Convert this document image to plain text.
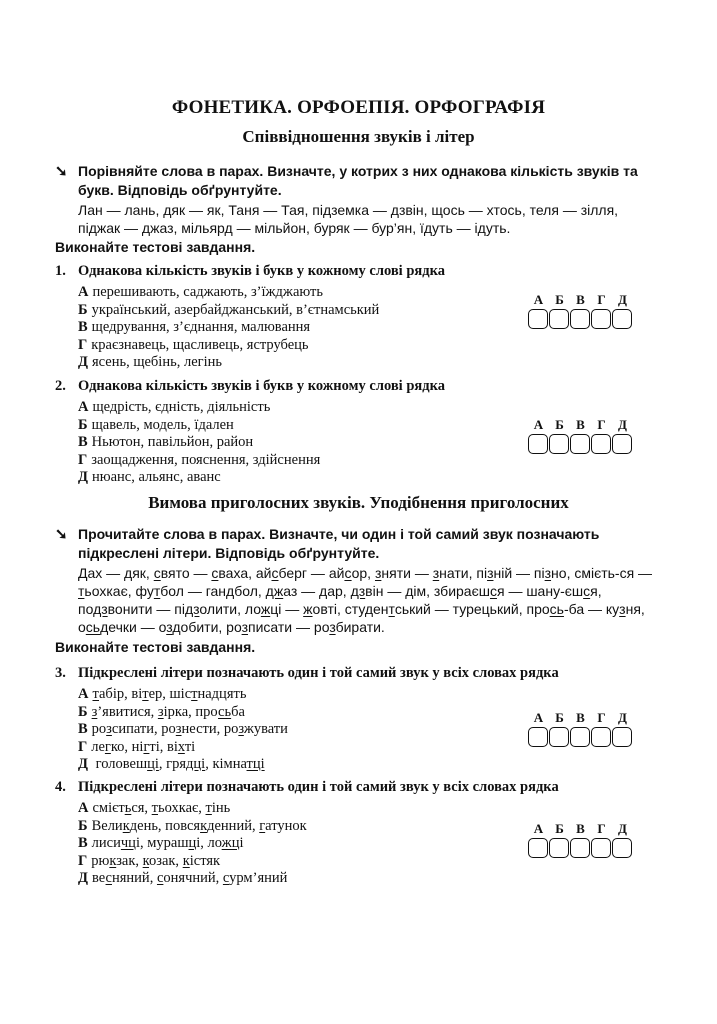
ФОНЕТИКА. ОРФОЕПІЯ. ОРФОГРАФІЯ
Співвідношення звуків і літер
➘ Порівняйте слова в парах. Визначте, у котрих з них однакова кількість звуків та букв. Відповідь обґрунтуйте.
Лан — лань, дяк — як, Таня — Тая, підземка — дзвін, щось — хтось, теля — зілля, піджак — джаз, мільярд — мільйон, буряк — бур’ян, їдуть — ідуть.
Виконайте тестові завдання.
1. Однакова кількість звуків і букв у кожному слові рядка
А перешивають, саджають, з’їжджають
Б український, азербайджанський, в’єтнамський
В щедрування, з’єднання, малювання
Г краєзнавець, щасливець, яструбець
Д ясень, щебінь, легінь
А Б В Г Д
2. Однакова кількість звуків і букв у кожному слові рядка
А щедрість, єдність, діяльність
Б щавель, модель, їдален
В Ньютон, павільйон, район
Г заощадження, пояснення, здійснення
Д нюанс, альянс, аванс
А Б В Г Д
Вимова приголосних звуків. Уподібнення приголосних
➘ Прочитайте слова в парах. Визначте, чи один і той самий звук позначають підкреслені літери. Відповідь обґрунтуйте.
Дах — дяк, свято — сваха, айсберг — айсор, зняти — знати, пізній — пізно, смієть-ся — тьохкає, футбол — гандбол, джаз — дар, дзвін — дім, збираєшся — шану-єшся, подзвонити — підзолити, ложці — жовті, студентський — турецький, прось-ба — кузня, осьдечки — оздобити, розписати — розбирати.
Виконайте тестові завдання.
3. Підкреслені літери позначають один і той самий звук у всіх словах рядка
А табір, вітер, шістнадцять
Б з’явитися, зірка, просьба
В розсипати, рознести, розжувати
Г легко, нігті, віхті
Д головешці, грядці, кімнатці
А Б В Г Д
4. Підкреслені літери позначають один і той самий звук у всіх словах рядка
А сміється, тьохкає, тінь
Б Великдень, повсякденний, гатунок
В лисичці, мурашці, ложці
Г рюкзак, козак, кістяк
Д весняний, сонячний, сурм’яний
А Б В Г Д
